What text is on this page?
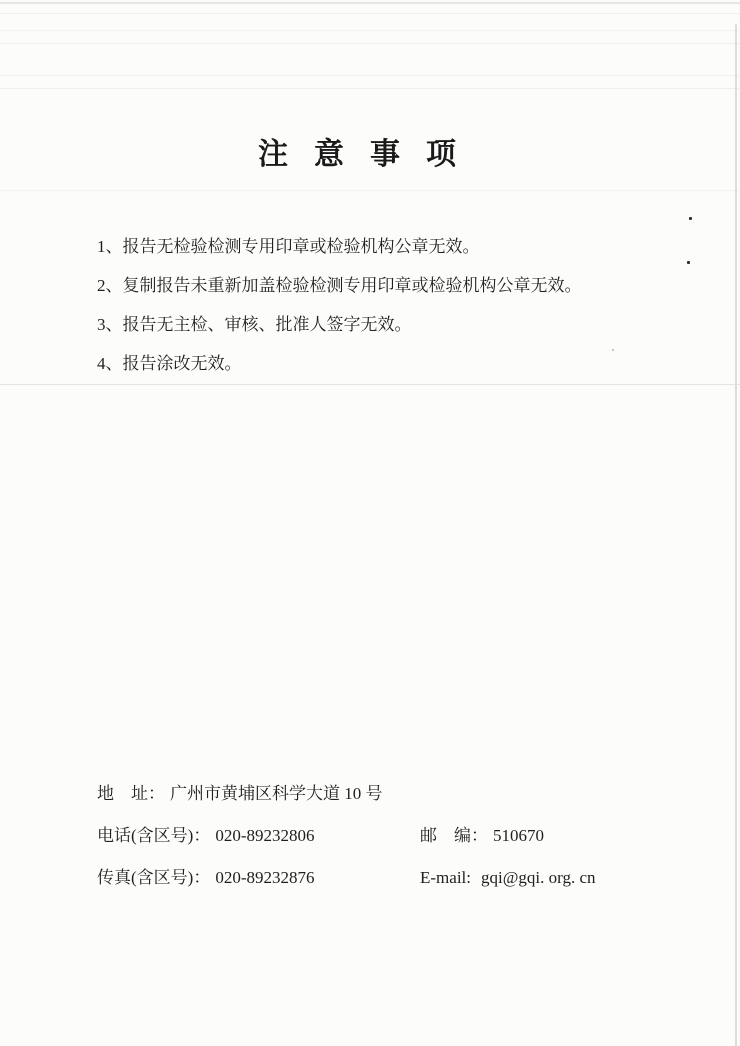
注意事项

1、报告无检验检测专用印章或检验机构公章无效。

2、复制报告未重新加盖检验检测专用印章或检验机构公章无效。

3、报告无主检、审核、批准人签字无效。

4、报告涂改无效。

地　址： 广州市黄埔区科学大道 10 号
电话(含区号)： 020-89232806	邮　编： 510670
传真(含区号)： 020-89232876	E-mail: gqi@gqi. org. cn
